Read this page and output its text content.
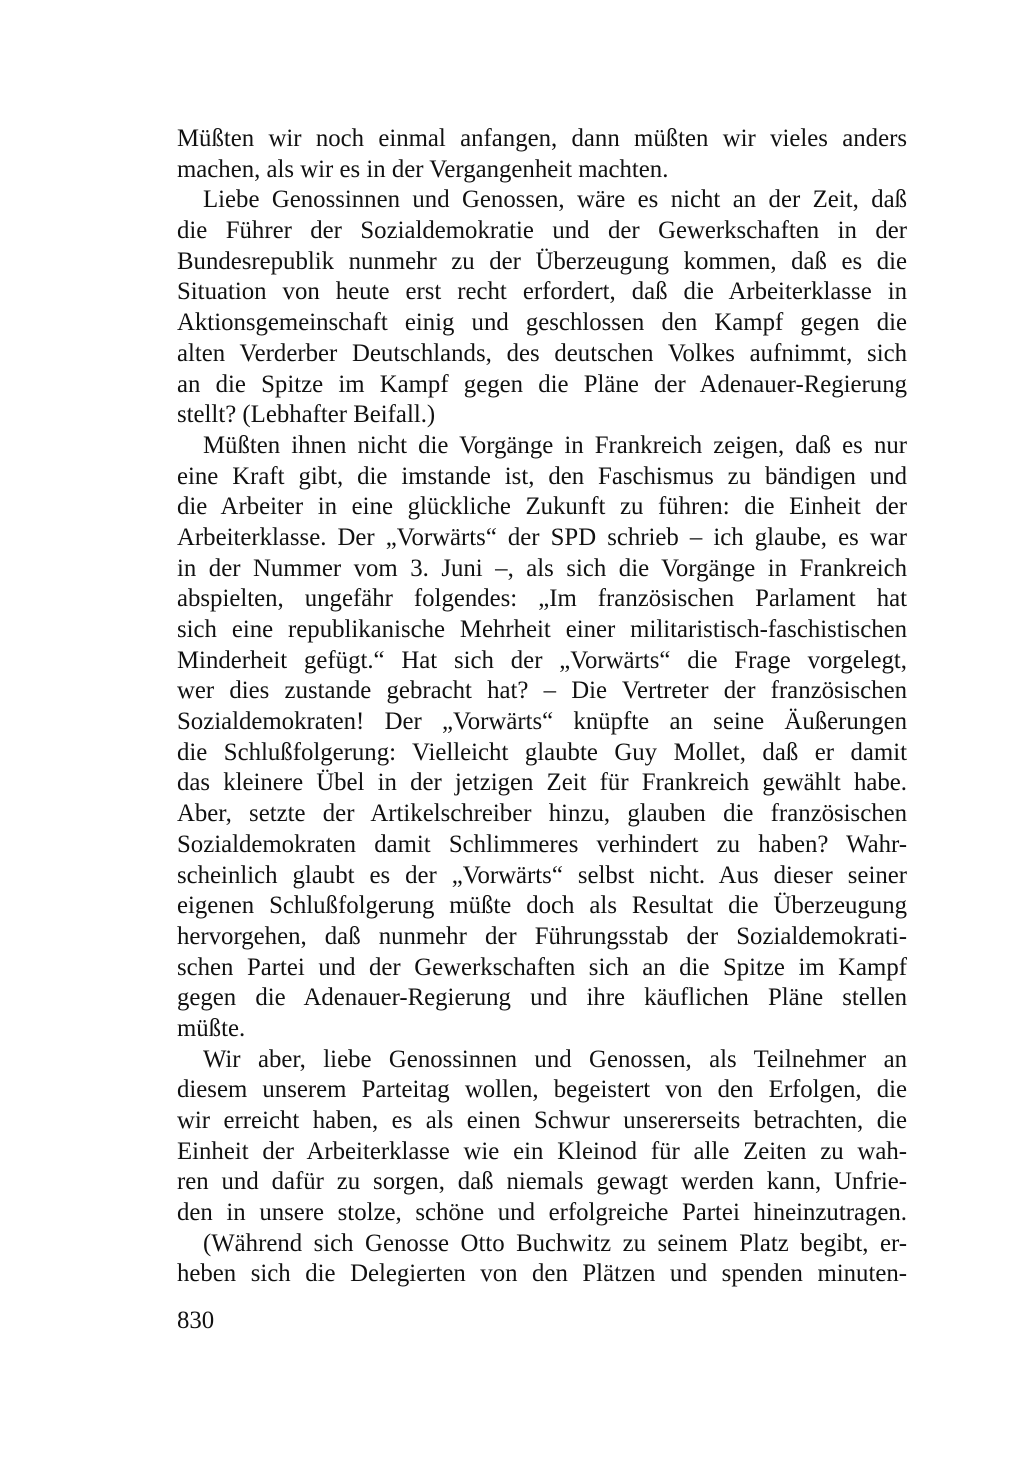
Müßten wir noch einmal anfangen, dann müßten wir vieles anders
machen, als wir es in der Vergangenheit machten.
Liebe Genossinnen und Genossen, wäre es nicht an der Zeit, daß
die Führer der Sozialdemokratie und der Gewerkschaften in der
Bundesrepublik nunmehr zu der Überzeugung kommen, daß es die
Situation von heute erst recht erfordert, daß die Arbeiterklasse in
Aktionsgemeinschaft einig und geschlossen den Kampf gegen die
alten Verderber Deutschlands, des deutschen Volkes aufnimmt, sich
an die Spitze im Kampf gegen die Pläne der Adenauer-Regierung
stellt? (Lebhafter Beifall.)
Müßten ihnen nicht die Vorgänge in Frankreich zeigen, daß es nur
eine Kraft gibt, die imstande ist, den Faschismus zu bändigen und
die Arbeiter in eine glückliche Zukunft zu führen: die Einheit der
Arbeiterklasse. Der „Vorwärts“ der SPD schrieb – ich glaube, es war
in der Nummer vom 3. Juni –, als sich die Vorgänge in Frankreich
abspielten, ungefähr folgendes: „Im französischen Parlament hat
sich eine republikanische Mehrheit einer militaristisch-faschistischen
Minderheit gefügt.“ Hat sich der „Vorwärts“ die Frage vorgelegt,
wer dies zustande gebracht hat? – Die Vertreter der französischen
Sozialdemokraten! Der „Vorwärts“ knüpfte an seine Äußerungen
die Schlußfolgerung: Vielleicht glaubte Guy Mollet, daß er damit
das kleinere Übel in der jetzigen Zeit für Frankreich gewählt habe.
Aber, setzte der Artikelschreiber hinzu, glauben die französischen
Sozialdemokraten damit Schlimmeres verhindert zu haben? Wahr-
scheinlich glaubt es der „Vorwärts“ selbst nicht. Aus dieser seiner
eigenen Schlußfolgerung müßte doch als Resultat die Überzeugung
hervorgehen, daß nunmehr der Führungsstab der Sozialdemokrati-
schen Partei und der Gewerkschaften sich an die Spitze im Kampf
gegen die Adenauer-Regierung und ihre käuflichen Pläne stellen
müßte.
Wir aber, liebe Genossinnen und Genossen, als Teilnehmer an
diesem unserem Parteitag wollen, begeistert von den Erfolgen, die
wir erreicht haben, es als einen Schwur unsererseits betrachten, die
Einheit der Arbeiterklasse wie ein Kleinod für alle Zeiten zu wah-
ren und dafür zu sorgen, daß niemals gewagt werden kann, Unfrie-
den in unsere stolze, schöne und erfolgreiche Partei hineinzutragen.
(Während sich Genosse Otto Buchwitz zu seinem Platz begibt, er-
heben sich die Delegierten von den Plätzen und spenden minuten-
830
